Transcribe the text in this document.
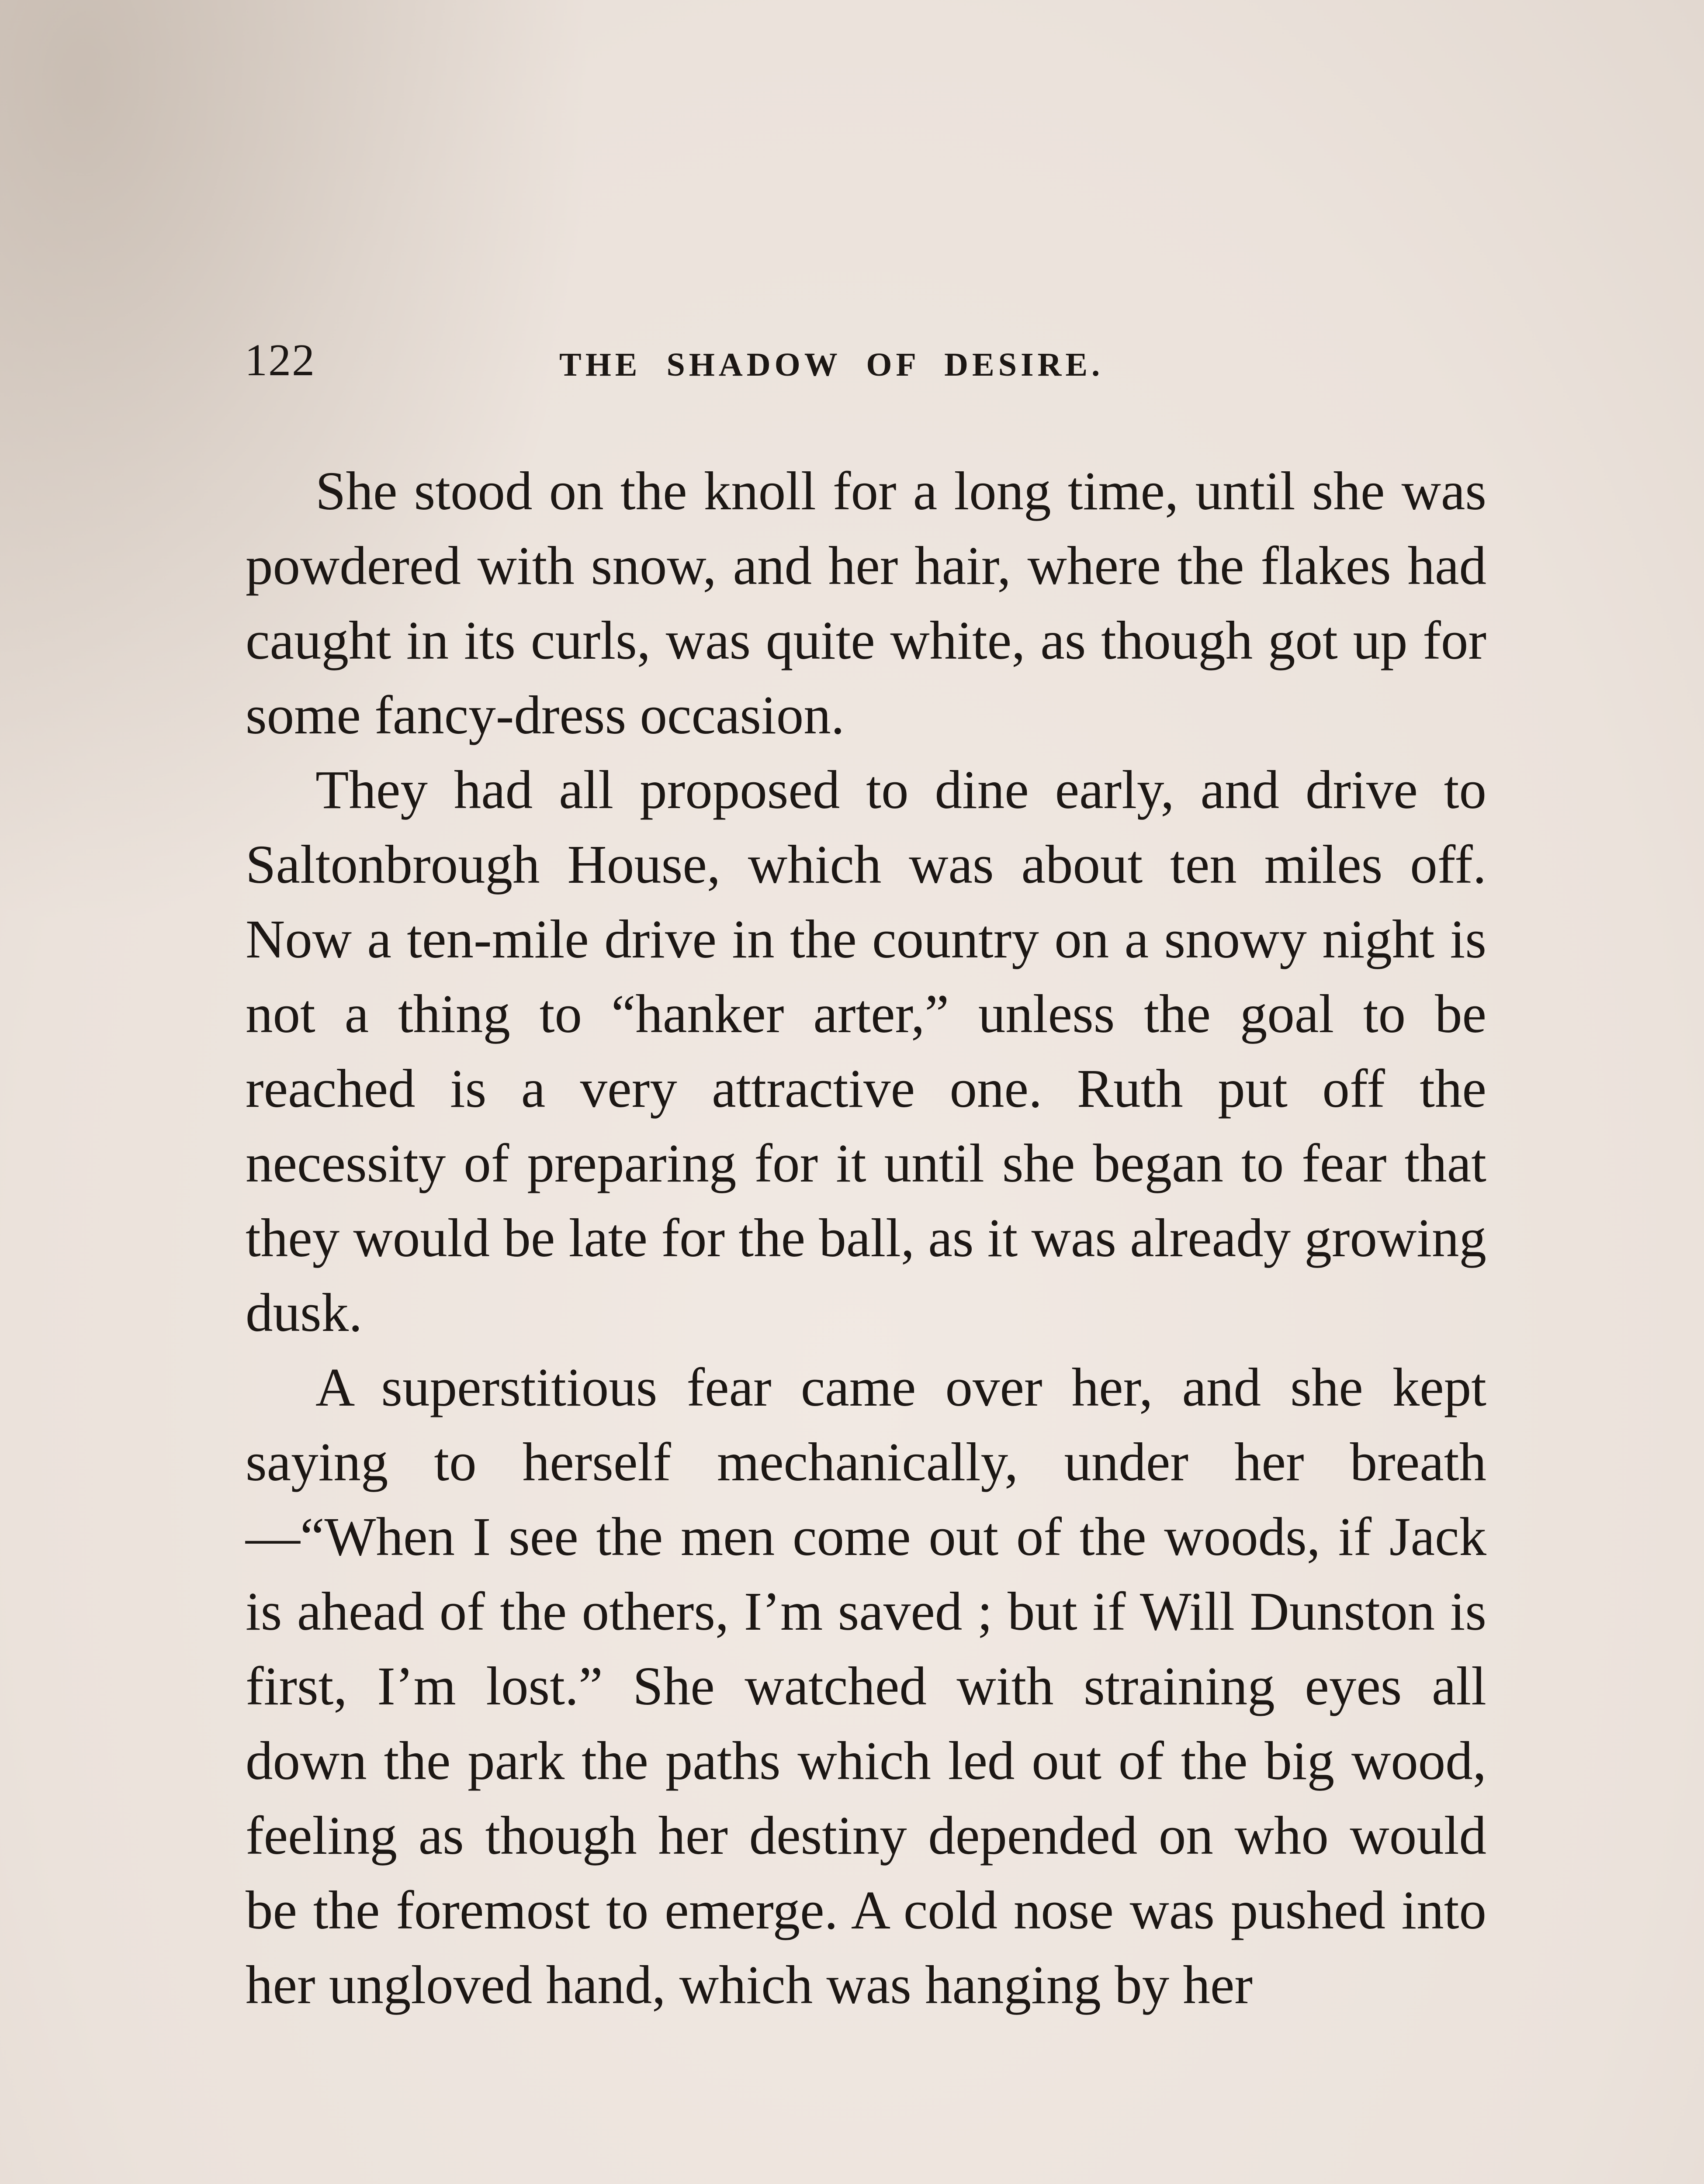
122	THE SHADOW OF DESIRE.

She stood on the knoll for a long time, until she was powdered with snow, and her hair, where the flakes had caught in its curls, was quite white, as though got up for some fancy-dress occasion.

They had all proposed to dine early, and drive to Saltonbrough House, which was about ten miles off. Now a ten-mile drive in the country on a snowy night is not a thing to “hanker arter,” unless the goal to be reached is a very attractive one. Ruth put off the necessity of preparing for it until she began to fear that they would be late for the ball, as it was already growing dusk.

A superstitious fear came over her, and she kept saying to herself mechanically, under her breath—“When I see the men come out of the woods, if Jack is ahead of the others, I’m saved ; but if Will Dunston is first, I’m lost.” She watched with straining eyes all down the park the paths which led out of the big wood, feeling as though her destiny depended on who would be the foremost to emerge. A cold nose was pushed into her ungloved hand, which was hanging by her
